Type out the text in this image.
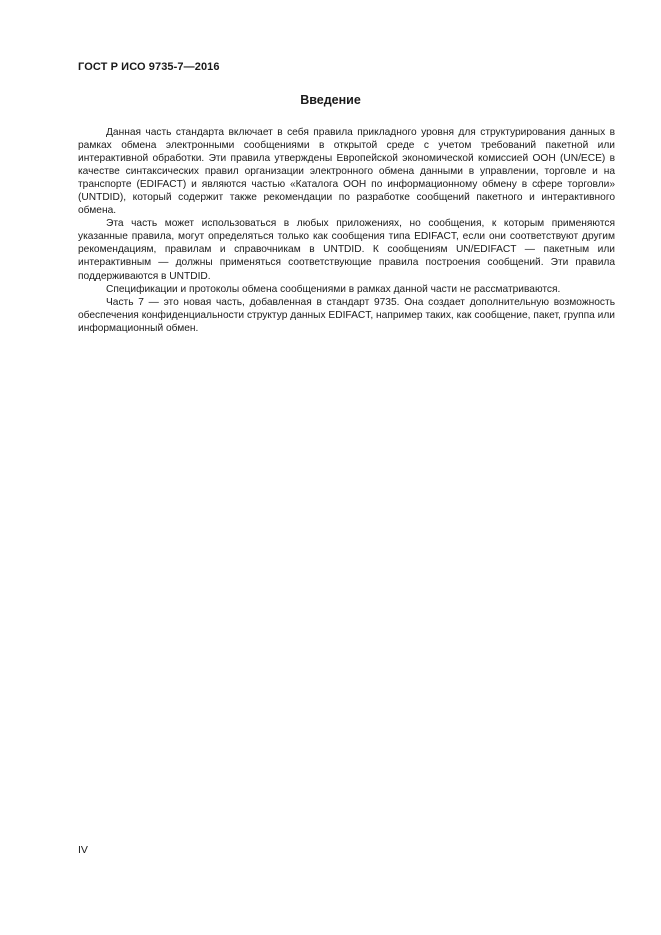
ГОСТ Р ИСО 9735-7—2016
Введение

Данная часть стандарта включает в себя правила прикладного уровня для структурирования данных в рамках обмена электронными сообщениями в открытой среде с учетом требований пакетной или интерактивной обработки. Эти правила утверждены Европейской экономической комиссией ООН (UN/ECE) в качестве синтаксических правил организации электронного обмена данными в управлении, торговле и на транспорте (EDIFACT) и являются частью «Каталога ООН по информационному обмену в сфере торговли» (UNTDID), который содержит также рекомендации по разработке сообщений пакетного и интерактивного обмена.

Эта часть может использоваться в любых приложениях, но сообщения, к которым применяются указанные правила, могут определяться только как сообщения типа EDIFACT, если они соответствуют другим рекомендациям, правилам и справочникам в UNTDID. К сообщениям UN/EDIFACT — пакетным или интерактивным — должны применяться соответствующие правила построения сообщений. Эти правила поддерживаются в UNTDID.

Спецификации и протоколы обмена сообщениями в рамках данной части не рассматриваются.

Часть 7 — это новая часть, добавленная в стандарт 9735. Она создает дополнительную возможность обеспечения конфиденциальности структур данных EDIFACT, например таких, как сообщение, пакет, группа или информационный обмен.

IV
